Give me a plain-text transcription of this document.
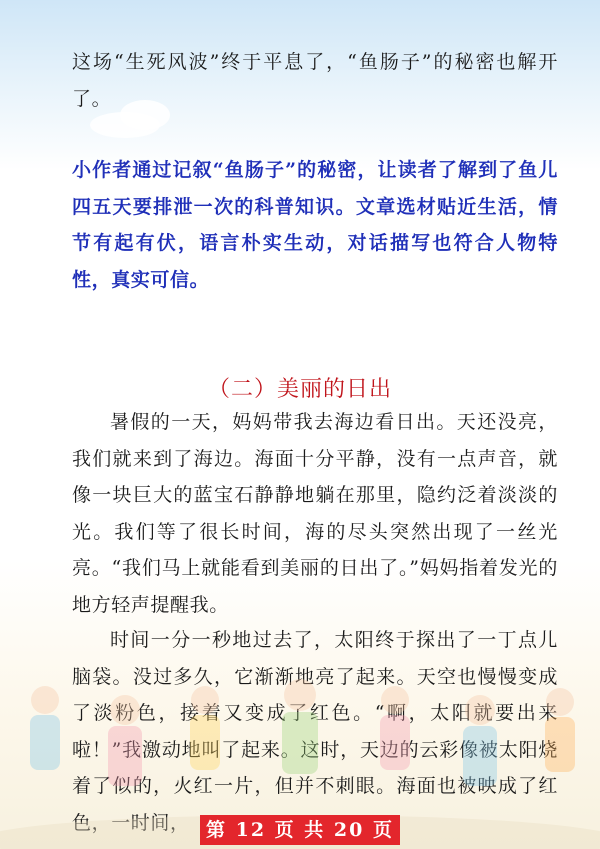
这场“生死风波”终于平息了，“鱼肠子”的秘密也解开了。

小作者通过记叙“鱼肠子”的秘密，让读者了解到了鱼儿四五天要排泄一次的科普知识。文章选材贴近生活，情节有起有伏，语言朴实生动，对话描写也符合人物特性，真实可信。

（二）美丽的日出

暑假的一天，妈妈带我去海边看日出。天还没亮，我们就来到了海边。海面十分平静，没有一点声音，就像一块巨大的蓝宝石静静地躺在那里，隐约泛着淡淡的光。我们等了很长时间，海的尽头突然出现了一丝光亮。“我们马上就能看到美丽的日出了。”妈妈指着发光的地方轻声提醒我。

时间一分一秒地过去了，太阳终于探出了一丁点儿脑袋。没过多久，它渐渐地亮了起来。天空也慢慢变成了淡粉色，接着又变成了红色。“啊，太阳就要出来啦！”我激动地叫了起来。这时，天边的云彩像被太阳烧着了似的，火红一片，但并不刺眼。海面也被映成了红色，一时间， 第 12 页 共 20 页
